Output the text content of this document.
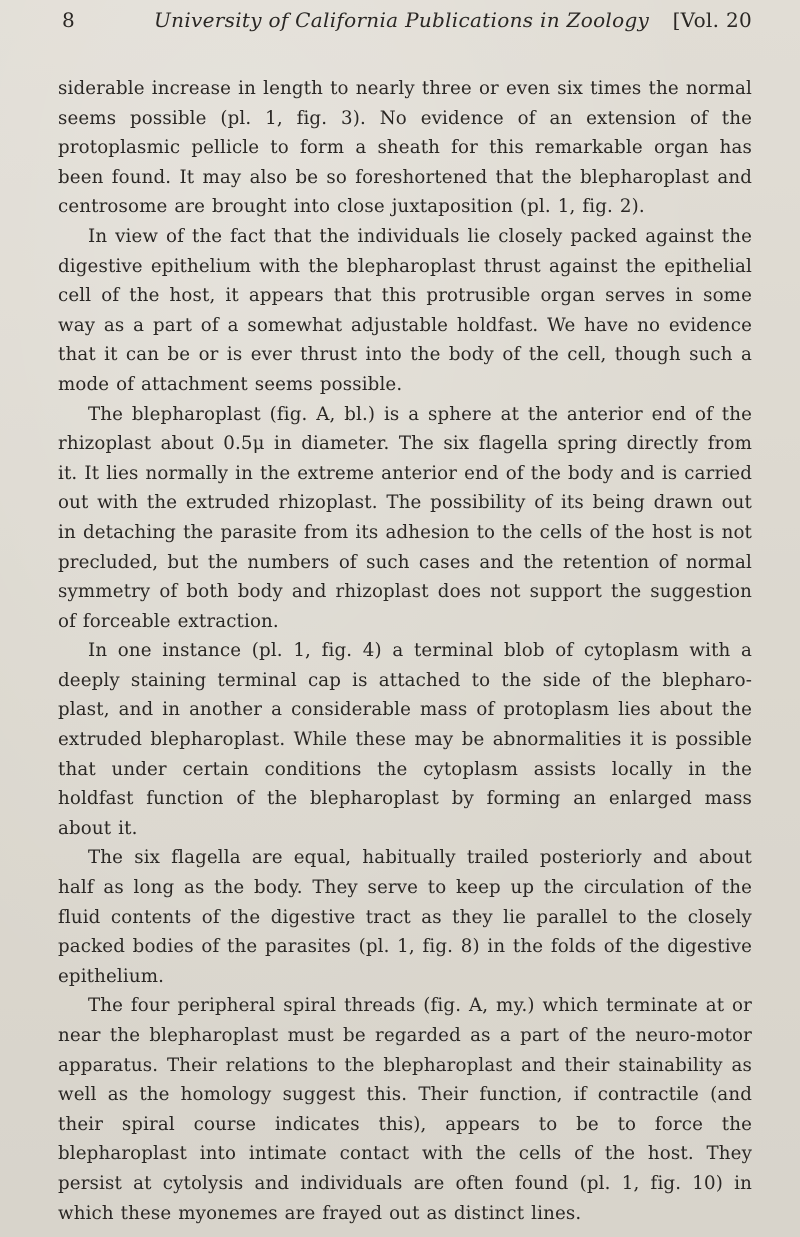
8	University of California Publications in Zoology	[Vol. 20

siderable increase in length to nearly three or even six times the normal seems possible (pl. 1, fig. 3). No evidence of an extension of the protoplasmic pellicle to form a sheath for this remarkable organ has been found. It may also be so foreshortened that the blepharoplast and centrosome are brought into close juxtaposition (pl. 1, fig. 2).

In view of the fact that the individuals lie closely packed against the digestive epithelium with the blepharoplast thrust against the epithelial cell of the host, it appears that this protrusible organ serves in some way as a part of a somewhat adjustable holdfast. We have no evidence that it can be or is ever thrust into the body of the cell, though such a mode of attachment seems possible.

The blepharoplast (fig. A, bl.) is a sphere at the anterior end of the rhizoplast about 0.5μ in diameter. The six flagella spring directly from it. It lies normally in the extreme anterior end of the body and is carried out with the extruded rhizoplast. The possibility of its being drawn out in detaching the parasite from its adhesion to the cells of the host is not precluded, but the numbers of such cases and the retention of normal symmetry of both body and rhizoplast does not support the suggestion of forceable extraction.

In one instance (pl. 1, fig. 4) a terminal blob of cytoplasm with a deeply staining terminal cap is attached to the side of the blepharo-plast, and in another a considerable mass of protoplasm lies about the extruded blepharoplast. While these may be abnormalities it is possible that under certain conditions the cytoplasm assists locally in the holdfast function of the blepharoplast by forming an enlarged mass about it.

The six flagella are equal, habitually trailed posteriorly and about half as long as the body. They serve to keep up the circulation of the fluid contents of the digestive tract as they lie parallel to the closely packed bodies of the parasites (pl. 1, fig. 8) in the folds of the digestive epithelium.

The four peripheral spiral threads (fig. A, my.) which terminate at or near the blepharoplast must be regarded as a part of the neuro-motor apparatus. Their relations to the blepharoplast and their stainability as well as the homology suggest this. Their function, if contractile (and their spiral course indicates this), appears to be to force the blepharoplast into intimate contact with the cells of the host. They persist at cytolysis and individuals are often found (pl. 1, fig. 10) in which these myonemes are frayed out as distinct lines.
